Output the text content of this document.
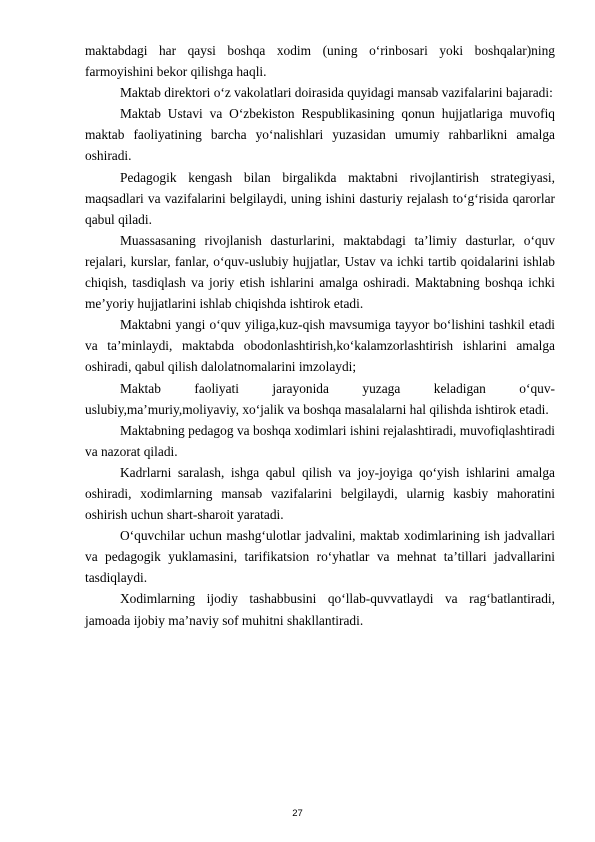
maktabdagi har qaysi boshqa xodim (uning o‘rinbosari yoki boshqalar)ning farmoyishini bekor qilishga haqli.

Maktab direktori o‘z vakolatlari doirasida quyidagi mansab vazifalarini bajaradi:

Maktab Ustavi va O‘zbekiston Respublikasining qonun hujjatlariga muvofiq maktab faoliyatining barcha yo‘nalishlari yuzasidan umumiy rahbarlikni amalga oshiradi.

Pedagogik kengash bilan birgalikda maktabni rivojlantirish strategiyasi, maqsadlari va vazifalarini belgilaydi, uning ishini dasturiy rejalash to‘g‘risida qarorlar qabul qiladi.

Muassasaning rivojlanish dasturlarini, maktabdagi ta’limiy dasturlar, o‘quv rejalari, kurslar, fanlar, o‘quv-uslubiy hujjatlar, Ustav va ichki tartib qoidalarini ishlab chiqish, tasdiqlash va joriy etish ishlarini amalga oshiradi. Maktabning boshqa ichki me’yoriy hujjatlarini ishlab chiqishda ishtirok etadi.

Maktabni yangi o‘quv yiliga,kuz-qish mavsumiga tayyor bo‘lishini tashkil etadi va ta’minlaydi, maktabda obodonlashtirish,ko‘kalamzorlashtirish ishlarini amalga oshiradi, qabul qilish dalolatnomalarini imzolaydi;

Maktab faoliyati jarayonida yuzaga keladigan o‘quv-uslubiy,ma’muriy,moliyaviy, xo‘jalik va boshqa masalalarni hal qilishda ishtirok etadi.

Maktabning pedagog va boshqa xodimlari ishini rejalashtiradi, muvofiqlashtiradi va nazorat qiladi.

Kadrlarni saralash, ishga qabul qilish va joy-joyiga qo‘yish ishlarini amalga oshiradi, xodimlarning mansab vazifalarini belgilaydi, ularnig kasbiy mahoratini oshirish uchun shart-sharoit yaratadi.

O‘quvchilar uchun mashg‘ulotlar jadvalini, maktab xodimlarining ish jadvallari va pedagogik yuklamasini, tarifikatsion ro‘yhatlar va mehnat ta’tillari jadvallarini tasdiqlaydi.

Xodimlarning ijodiy tashabbusini qo‘llab-quvvatlaydi va rag‘batlantiradi, jamoada ijobiy ma’naviy sof muhitni shakllantiradi.

27
